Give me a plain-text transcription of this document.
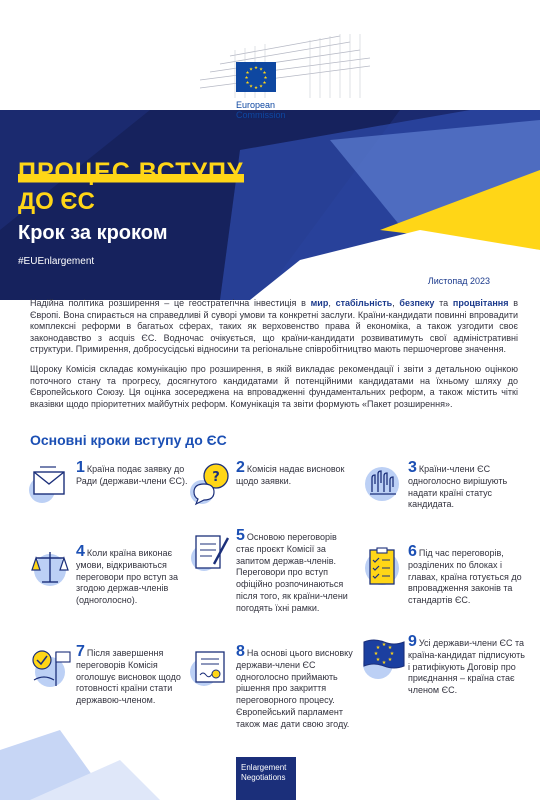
★ ★
★
★
★
★
★
★
★
★
★
★
European
Commission
ПРОЦЕС ВСТУПУ
ДО ЄС
Крок за кроком
#EUEnlargement
Листопад 2023

Надійна політика розширення – це геостратегічна інвестиція в мир, стабільність, безпеку та процвітання в Європі. Вона спирається на справедливі й суворі умови та конкретні заслуги. Країни-кандидати повинні впровадити комплексні реформи в багатьох сферах, таких як верховенство права й економіка, а також узгодити своє законодавство з acquis ЄС. Водночас очікується, що країни-кандидати розвиватимуть свої адміністративні структури. Примирення, добросусідські відносини та регіональне співробітництво мають першочергове значення.

Щороку Комісія складає комунікацію про розширення, в якій викладає рекомендації і звіти з детальною оцінкою поточного стану та прогресу, досягнутого кандидатами й потенційними кандидатами на їхньому шляху до Європейського Союзу. Ця оцінка зосереджена на впровадженні фундаментальних реформ, а також містить чіткі вказівки щодо пріоритетних майбутніх реформ. Комунікація та звіти формують «Пакет розширення».

Основні кроки вступу до ЄС
1 Країна подає заявку до Ради (держави-члени ЄС).	?
2 Комісія надає висновок щодо заявки.
3 Країни-члени ЄС одноголосно вирішують надати країні статус кандидата.
4 Коли країна виконає умови, відкриваються переговори про вступ за згодою держав-членів (одноголосно).
5 Основою переговорів стає проєкт Комісії за запитом держав-членів. Переговори про вступ офіційно розпочинаються після того, як країни-члени погодять їхні рамки.
6 Під час переговорів, розділених по блоках і главах, країна готується до впровадження законів та стандартів ЄС.
7 Після завершення переговорів Комісія оголошує висновок щодо готовності країни стати державою-членом.
8 На основі цього висновку держави-члени ЄС одноголосно приймають рішення про закриття переговорного процесу. Європейський парламент також має дати свою згоду.
★ ★
★
★
★
★
★
★ 9 Усі держави-члени ЄС та країна-кандидат підписують і ратифікують Договір про приєднання – країна стає членом ЄС.
Enlargement
Negotiations
